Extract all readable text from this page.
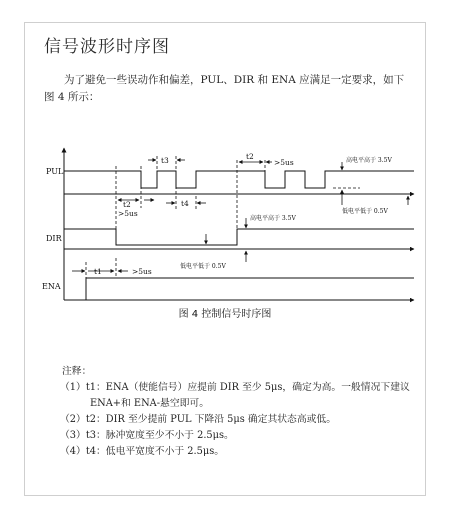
信号波形时序图
为了避免一些误动作和偏差，PUL、DIR 和 ENA 应满足一定要求，如下图 4 所示：
PUL
DIR
ENA
t2
>5us
t3
t4
t2
>5us
t1	>5us
高电平高于 3.5V
低电平低于 0.5V
高电平高于 3.5V
低电平低于 0.5V
图 4 控制信号时序图
注释：
（1）t1：ENA（使能信号）应提前 DIR 至少 5μs，确定为高。一般情况下建议 ENA+和 ENA-悬空即可。
（2）t2：DIR 至少提前 PUL 下降沿 5μs 确定其状态高或低。
（3）t3：脉冲宽度至少不小于 2.5μs。
（4）t4：低电平宽度不小于 2.5μs。
